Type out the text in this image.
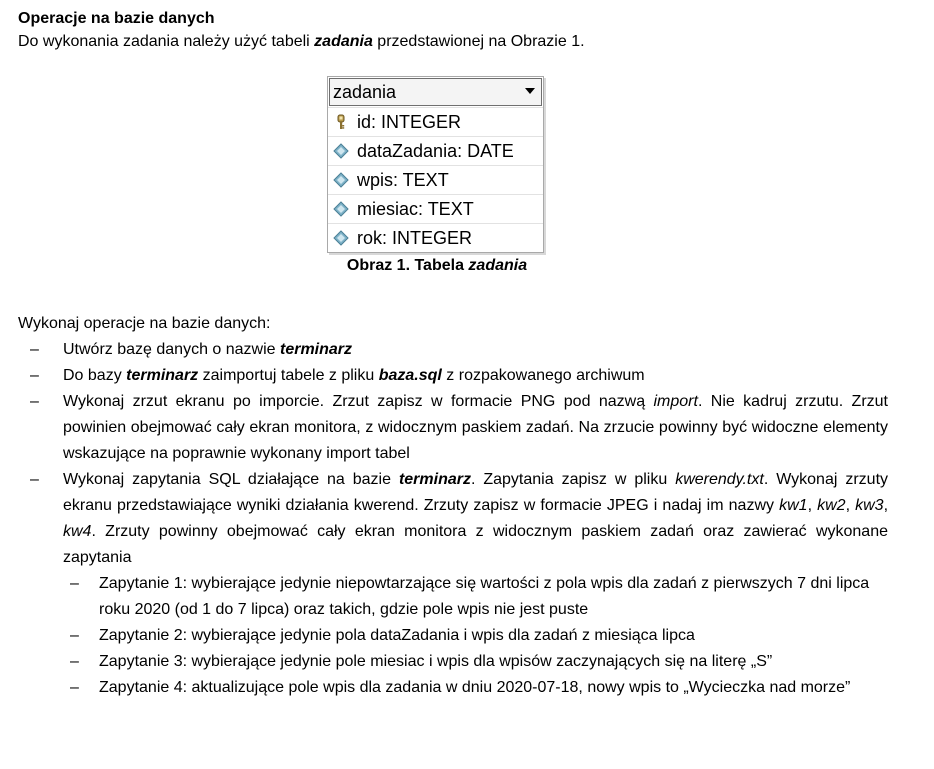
Operacje na bazie danych

Do wykonania zadania należy użyć tabeli zadania przedstawionej na Obrazie 1.

zadania
id: INTEGER
dataZadania: DATE
wpis: TEXT
miesiac: TEXT
rok: INTEGER
Obraz 1. Tabela zadania

Wykonaj operacje na bazie danych:

– Utwórz bazę danych o nazwie terminarz
– Do bazy terminarz zaimportuj tabele z pliku baza.sql z rozpakowanego archiwum
– Wykonaj zrzut ekranu po imporcie. Zrzut zapisz w formacie PNG pod nazwą import. Nie kadruj zrzutu. Zrzut powinien obejmować cały ekran monitora, z widocznym paskiem zadań. Na zrzucie powinny być widoczne elementy wskazujące na poprawnie wykonany import tabel
– Wykonaj zapytania SQL działające na bazie terminarz. Zapytania zapisz w pliku kwerendy.txt. Wykonaj zrzuty ekranu przedstawiające wyniki działania kwerend. Zrzuty zapisz w formacie JPEG i nadaj im nazwy kw1, kw2, kw3, kw4. Zrzuty powinny obejmować cały ekran monitora z widocznym paskiem zadań oraz zawierać wykonane zapytania
– Zapytanie 1: wybierające jedynie niepowtarzające się wartości z pola wpis dla zadań z pierwszych 7 dni lipca roku 2020 (od 1 do 7 lipca) oraz takich, gdzie pole wpis nie jest puste
– Zapytanie 2: wybierające jedynie pola dataZadania i wpis dla zadań z miesiąca lipca
– Zapytanie 3: wybierające jedynie pole miesiac i wpis dla wpisów zaczynających się na literę „S”
– Zapytanie 4: aktualizujące pole wpis dla zadania w dniu 2020-07-18, nowy wpis to „Wycieczka nad morze”
